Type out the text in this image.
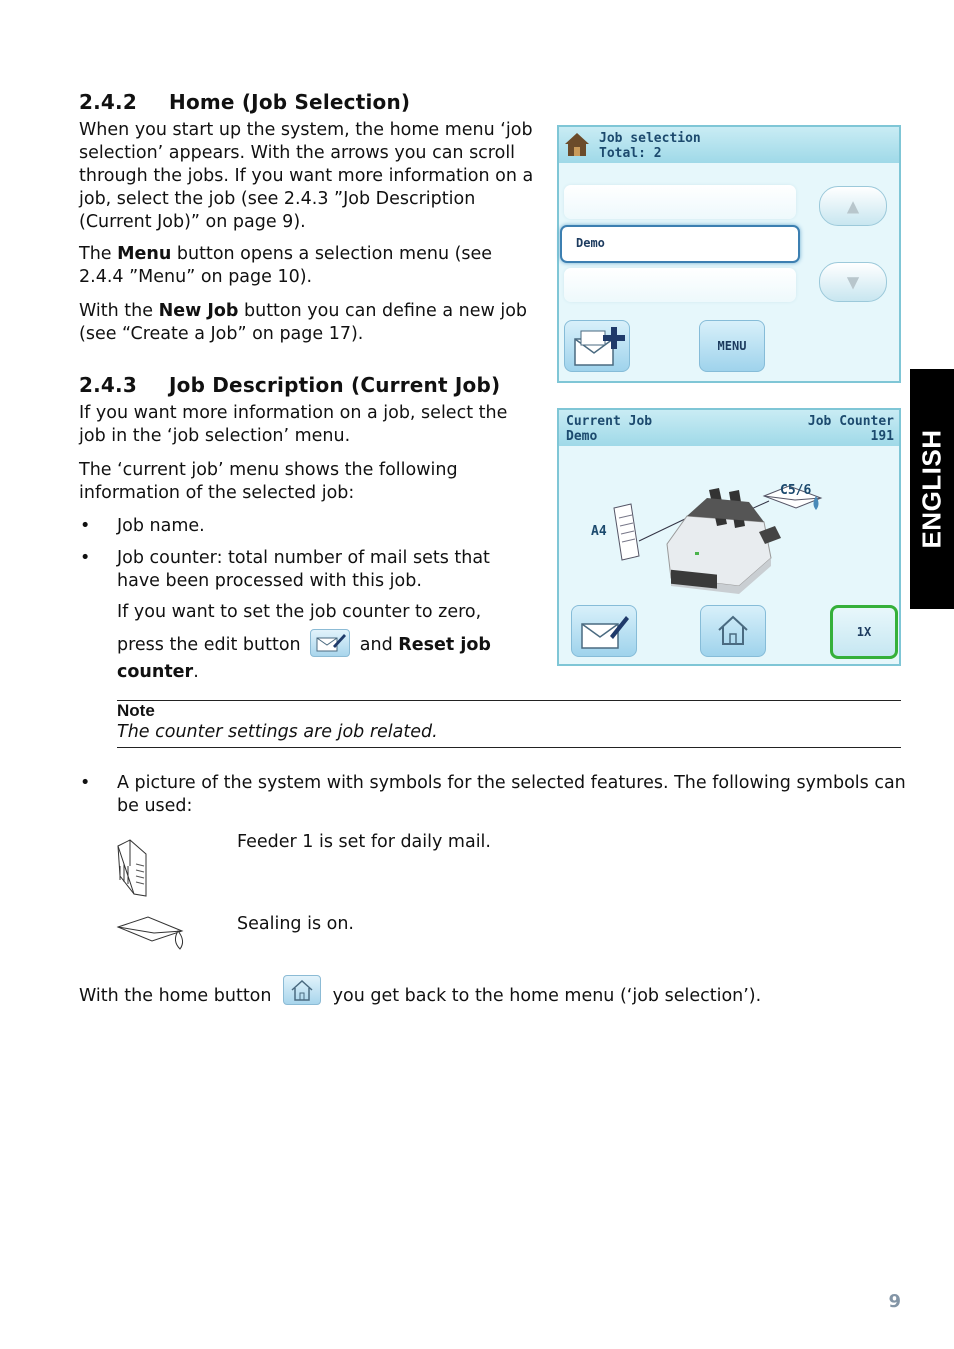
ENGLISH
2.4.2 Home (Job Selection)

When you start up the system, the home menu ‘job selection’ appears. With the arrows you can scroll through the jobs. If you want more information on a job, select the job (see 2.4.3 ”Job Description (Current Job)” on page 9).

The Menu button opens a selection menu (see 2.4.4 ”Menu” on page 10).

With the New Job button you can define a new job (see “Create a Job” on page 17).

Job selection
Total: 2
Demo
▲
▼
MENU
2.4.3 Job Description (Current Job)

If you want more information on a job, select the job in the ‘job selection’ menu.

The ‘current job’ menu shows the following information of the selected job:

• Job name.

• Job counter: total number of mail sets that have been processed with this job.

If you want to set the job counter to zero,

press the edit button	and Reset job counter.
Current Job
Demo
Job Counter
191
A4
C5/6
1X

Note

The counter settings are job related.

• A picture of the system with symbols for the selected features. The following symbols can be used:

Feeder 1 is set for daily mail.

Sealing is on.

With the home button	you get back to the home menu (‘job selection’).
9
